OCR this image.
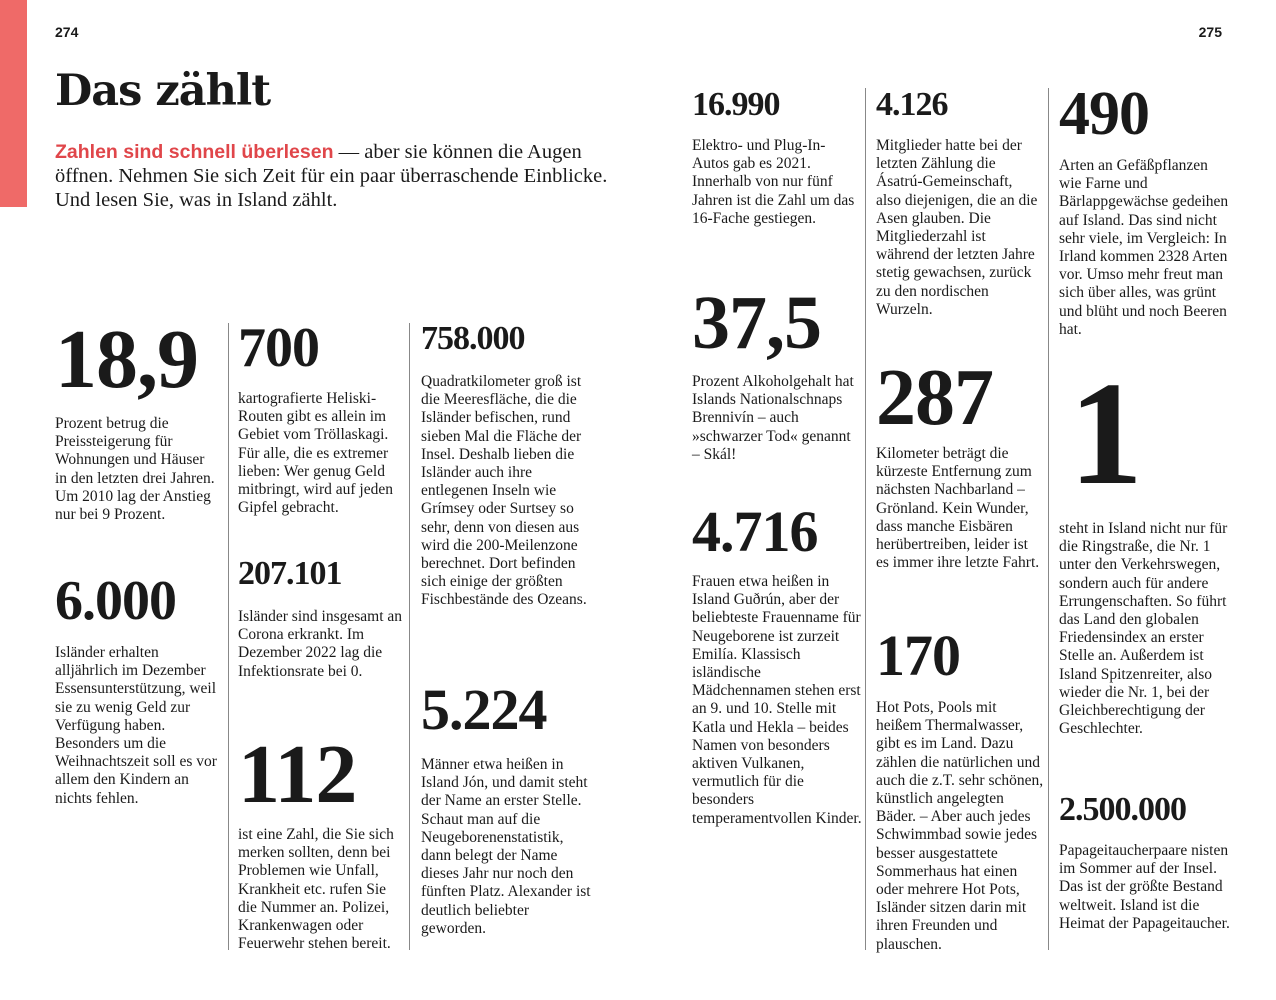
274	275
Das zählt
Zahlen sind schnell überlesen — aber sie können die Augen öffnen. Nehmen Sie sich Zeit für ein paar überraschende Einblicke. Und lesen Sie, was in Island zählt.
18,9
Prozent betrug die Preissteigerung für Wohnungen und Häuser in den letzten drei Jahren. Um 2010 lag der Anstieg nur bei 9 Prozent.
6.000
Isländer erhalten alljährlich im Dezember Essensunterstützung, weil sie zu wenig Geld zur Verfügung haben. Besonders um die Weihnachtszeit soll es vor allem den Kindern an nichts fehlen.
700
kartografierte Heliski-Routen gibt es allein im Gebiet vom Tröllaskagi. Für alle, die es extremer lieben: Wer genug Geld mitbringt, wird auf jeden Gipfel gebracht.
207.101
Isländer sind insgesamt an Corona erkrankt. Im Dezember 2022 lag die Infektionsrate bei 0.
112
ist eine Zahl, die Sie sich merken sollten, denn bei Problemen wie Unfall, Krankheit etc. rufen Sie die Nummer an. Polizei, Krankenwagen oder Feuerwehr stehen bereit.
758.000
Quadratkilometer groß ist die Meeresfläche, die die Isländer befischen, rund sieben Mal die Fläche der Insel. Deshalb lieben die Isländer auch ihre entlegenen Inseln wie Grímsey oder Surtsey so sehr, denn von diesen aus wird die 200-Meilenzone berechnet. Dort befinden sich einige der größten Fischbestände des Ozeans.
5.224
Männer etwa heißen in Island Jón, und damit steht der Name an erster Stelle. Schaut man auf die Neugeborenenstatistik, dann belegt der Name dieses Jahr nur noch den fünften Platz. Alexander ist deutlich beliebter geworden.
16.990
Elektro- und Plug-In-Autos gab es 2021. Innerhalb von nur fünf Jahren ist die Zahl um das 16-Fache gestiegen.
37,5
Prozent Alkoholgehalt hat Islands Nationalschnaps Brennivín – auch »schwarzer Tod« genannt – Skál!
4.716
Frauen etwa heißen in Island Guðrún, aber der beliebteste Frauenname für Neugeborene ist zurzeit Emilía. Klassisch isländische Mädchennamen stehen erst an 9. und 10. Stelle mit Katla und Hekla – beides Namen von besonders aktiven Vulkanen, vermutlich für die besonders temperamentvollen Kinder.
4.126
Mitglieder hatte bei der letzten Zählung die Ásatrú-Gemeinschaft, also diejenigen, die an die Asen glauben. Die Mitgliederzahl ist während der letzten Jahre stetig gewachsen, zurück zu den nordischen Wurzeln.
287
Kilometer beträgt die kürzeste Entfernung zum nächsten Nachbarland – Grönland. Kein Wunder, dass manche Eisbären herübertreiben, leider ist es immer ihre letzte Fahrt.
170
Hot Pots, Pools mit heißem Thermalwasser, gibt es im Land. Dazu zählen die natürlichen und auch die z.T. sehr schönen, künstlich angelegten Bäder. – Aber auch jedes Schwimmbad sowie jedes besser ausgestattete Sommerhaus hat einen oder mehrere Hot Pots, Isländer sitzen darin mit ihren Freunden und plauschen.
490
Arten an Gefäßpflanzen wie Farne und Bärlappgewächse gedeihen auf Island. Das sind nicht sehr viele, im Vergleich: In Irland kommen 2328 Arten vor. Umso mehr freut man sich über alles, was grünt und blüht und noch Beeren hat.
1
steht in Island nicht nur für die Ringstraße, die Nr. 1 unter den Verkehrswegen, sondern auch für andere Errungenschaften. So führt das Land den globalen Friedensindex an erster Stelle an. Außerdem ist Island Spitzenreiter, also wieder die Nr. 1, bei der Gleichberechtigung der Geschlechter.
2.500.000
Papageitaucherpaare nisten im Sommer auf der Insel. Das ist der größte Bestand weltweit. Island ist die Heimat der Papageitaucher.
